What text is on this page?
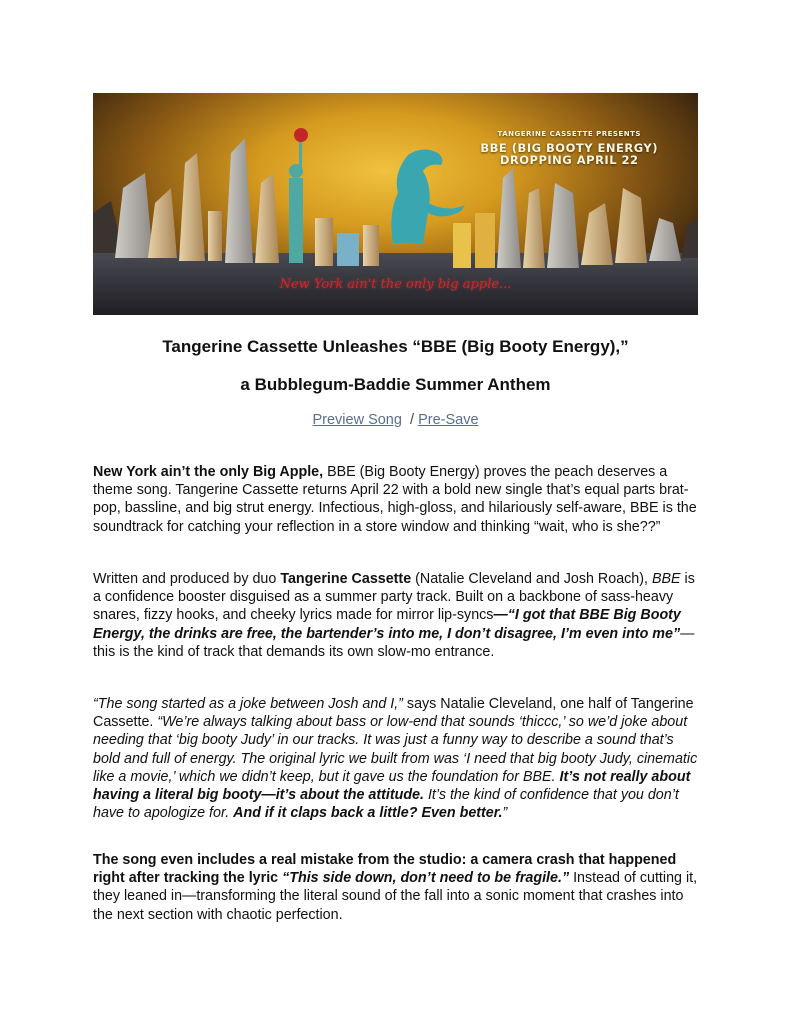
TANGERINE CASSETTE PRESENTS
BBE (BIG BOOTY ENERGY)
DROPPING APRIL 22
New York ain't the only big apple...
Tangerine Cassette Unleashes “BBE (Big Booty Energy),”
a Bubblegum-Baddie Summer Anthem
Preview Song / Pre-Save

New York ain’t the only Big Apple, BBE (Big Booty Energy) proves the peach deserves a theme song. Tangerine Cassette returns April 22 with a bold new single that’s equal parts brat-pop, bassline, and big strut energy. Infectious, high-gloss, and hilariously self-aware, BBE is the soundtrack for catching your reflection in a store window and thinking “wait, who is she??”

Written and produced by duo Tangerine Cassette (Natalie Cleveland and Josh Roach), BBE is a confidence booster disguised as a summer party track. Built on a backbone of sass-heavy snares, fizzy hooks, and cheeky lyrics made for mirror lip-syncs—“I got that BBE Big Booty Energy, the drinks are free, the bartender’s into me, I don’t disagree, I’m even into me”—this is the kind of track that demands its own slow-mo entrance.

“The song started as a joke between Josh and I,” says Natalie Cleveland, one half of Tangerine Cassette. “We’re always talking about bass or low-end that sounds ‘thiccc,’ so we’d joke about needing that ‘big booty Judy’ in our tracks. It was just a funny way to describe a sound that’s bold and full of energy. The original lyric we built from was ‘I need that big booty Judy, cinematic like a movie,’ which we didn’t keep, but it gave us the foundation for BBE. It’s not really about having a literal big booty—it’s about the attitude. It’s the kind of confidence that you don’t have to apologize for. And if it claps back a little? Even better.”

The song even includes a real mistake from the studio: a camera crash that happened right after tracking the lyric “This side down, don’t need to be fragile.” Instead of cutting it, they leaned in—transforming the literal sound of the fall into a sonic moment that crashes into the next section with chaotic perfection.
